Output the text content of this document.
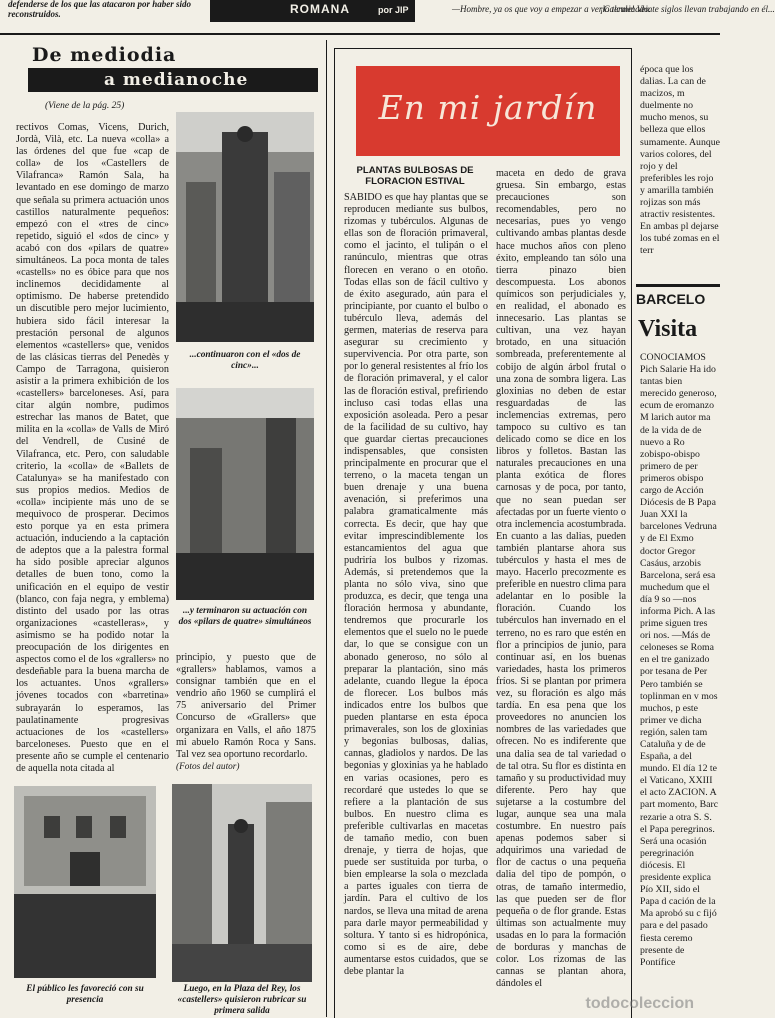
defenderse de los que las atacaron por haber sido reconstruidos.	ROMANA	por JIP	—Hombre, ya os que voy a empezar a verlo terminado.
¡Calcule! Veinte siglos llevan trabajando en él...
De mediodia
a medianoche
(Viene de la pág. 25)

rectivos Comas, Vicens, Durich, Jordà, Vilà, etc. La nueva «colla» a las órdenes del que fue «cap de colla» de los «Castellers de Vilafranca» Ramón Sala, ha levantado en ese domingo de marzo que señala su primera actuación unos castillos naturalmente pequeños: empezó con el «tres de cinc» repetido, siguió el «dos de cinc» y acabó con dos «pilars de quatre» simultáneos. La poca monta de tales «castells» no es óbice para que nos inclinemos decididamente al optimismo. De haberse pretendido un discutible pero mejor lucimiento, hubiera sido fácil interesar la prestación personal de algunos elementos «castellers» que, venidos de las clásicas tierras del Penedès y Campo de Tarragona, quisieron asistir a la primera exhibición de los «castellers» barceloneses. Así, para citar algún nombre, pudimos estrechar las manos de Batet, que milita en la «colla» de Valls de Miró del Vendrell, de Cusiné de Vilafranca, etc. Pero, con saludable criterio, la «colla» de «Ballets de Catalunya» se ha manifestado con sus propios medios. Medios de «colla» incipiente más uno de se mequivoco de prosperar. Decimos esto porque ya en esta primera actuación, induciendo a la captación de adeptos que a la palestra formal ha sido posible apreciar algunos detalles de buen tono, como la unificación en el equipo de vestir (blanco, con faja negra, y emblema) distinto del usado por las otras organizaciones «castelleras», y asimismo se ha podido notar la preocupación de los dirigentes en aspectos como el de los «grallers» no desdeñable para la buena marcha de los actuantes. Unos «grallers» jóvenes tocados con «barretina» subrayarán lo esperamos, las paulatinamente progresivas actuaciones de los «castellers» barceloneses. Puesto que en el presente año se cumple el centenario de aquella nota citada al

...continuaron con el «dos de cinc»...
...y terminaron su actuación con dos «pilars de quatre» simultáneos

principio, y puesto que de «grallers» hablamos, vamos a consignar también que en el vendrio año 1960 se cumplirá el 75 aniversario del Primer Concurso de «Grallers» que organizara en Valls, el año 1875 mi abuelo Ramón Roca y Sans. Tal vez sea oportuno recordarlo.

(Fotos del autor)
El público les favoreció con su presencia
Luego, en la Plaza del Rey, los «castellers» quisieron rubricar su primera salida
En mi jardín
PLANTAS BULBOSAS DE FLORACION ESTIVAL

SABIDO es que hay plantas que se reproducen mediante sus bulbos, rizomas y tubérculos. Algunas de ellas son de floración primaveral, como el jacinto, el tulipán o el ranúnculo, mientras que otras florecen en verano o en otoño. Todas ellas son de fácil cultivo y de éxito asegurado, aún para el principiante, por cuanto el bulbo o tubérculo lleva, además del germen, materias de reserva para asegurar su crecimiento y supervivencia. Por otra parte, son por lo general resistentes al frío los de floración primaveral, y el calor las de floración estival, prefiriendo incluso casi todas ellas una exposición asoleada. Pero a pesar de la facilidad de su cultivo, hay que guardar ciertas precauciones indispensables, que consisten principalmente en procurar que el terreno, o la maceta tengan un buen drenaje y una buena avenación, si preferimos una palabra gramaticalmente más correcta. Es decir, que hay que evitar imprescindiblemente los estancamientos del agua que pudriría los bulbos y rizomas. Además, si pretendemos que la planta no sólo viva, sino que produzca, es decir, que tenga una floración hermosa y abundante, tendremos que procurarle los elementos que el suelo no le puede dar, lo que se consigue con un abonado generoso, no sólo al preparar la plantación, sino más adelante, cuando llegue la época de florecer. Los bulbos más indicados entre los bulbos que pueden plantarse en esta época primaverales, son los de gloxinias y begonias bulbosas, dalias, cannas, gladiolos y nardos. De las begonias y gloxinias ya he hablado en varias ocasiones, pero es recordaré que ustedes lo que se refiere a la plantación de sus bulbos. En nuestro clima es preferible cultivarlas en macetas de tamaño medio, con buen drenaje, y tierra de hojas, que puede ser sustituida por turba, o bien emplearse la sola o mezclada a partes iguales con tierra de jardín. Para el cultivo de los nardos, se lleva una mitad de arena para darle mayor permeabilidad y soltura. Y tanto si es hidropónica, como si es de aire, debe aumentarse estos cuidados, que se debe plantar la

maceta en dedo de grava gruesa. Sin embargo, estas precauciones son recomendables, pero no necesarias, pues yo vengo cultivando ambas plantas desde hace muchos años con pleno éxito, empleando tan sólo una tierra pinazo bien descompuesta. Los abonos químicos son perjudiciales y, en realidad, el abonado es innecesario. Las plantas se cultivan, una vez hayan brotado, en una situación sombreada, preferentemente al cobijo de algún árbol frutal o una zona de sombra ligera. Las gloxinias no deben de estar resguardadas de las inclemencias extremas, pero tampoco su cultivo es tan delicado como se dice en los libros y folletos. Bastan las naturales precauciones en una planta exótica de flores carnosas y de poca, por tanto, que no sean puedan ser afectadas por un fuerte viento o otra inclemencia acostumbrada. En cuanto a las dalias, pueden también plantarse ahora sus tubérculos y hasta el mes de mayo. Hacerlo precozmente es preferible en nuestro clima para adelantar en lo posible la floración. Cuando los tubérculos han invernado en el terreno, no es raro que estén en flor a principios de junio, para continuar así, en los buenas variedades, hasta los primeros fríos. Si se plantan por primera vez, su floración es algo más tardía. En esa pena que los proveedores no anuncien los nombres de las variedades que ofrecen. No es indiferente que una dalia sea de tal variedad o de tal otra. Su flor es distinta en tamaño y su productividad muy diferente. Pero hay que sujetarse a la costumbre del lugar, aunque sea una mala costumbre. En nuestro país apenas podemos saber si adquirimos una variedad de flor de cactus o una pequeña dalia del tipo de pompón, o otras, de tamaño intermedio, las que pueden ser de flor pequeña o de flor grande. Estas últimas son actualmente muy usadas en lo para la formación de borduras y manchas de color. Los rizomas de las cannas se plantan ahora, dándoles el

época que los dalias. La can de macizos, m duelmente no mucho menos, su belleza que ellos sumamente. Aunque varios colores, del rojo y del preferibles les rojo y amarilla también rojizas son más atractiv resistentes. En ambas pl dejarse los tubé zomas en el terr

BARCELO
Visita

CONOCIAMOS Pich Salarie Ha ido tantas bien merecido generoso, ecum de eromanzo M larich autor ma de la vida de de nuevo a Ro zobispo-obispo primero de per primeros obispo cargo de Acción Diócesis de B Papa Juan XXI la barcelones Vedruna y de El Exmo doctor Gregor Casáus, arzobis Barcelona, será esa muchedum que el día 9 so —nos informa Pich. A las prime siguen tres ori nos. —Más de celoneses se Roma en el tre ganizado por tesana de Per Pero también se toplinman en v mos muchos, p este primer ve dicha región, salen tam Cataluña y de de España, a del mundo. El día 12 te el Vaticano, XXIII el acto ZACION. A part momento, Barc rezarie a otra S. S. el Papa peregrinos. Será una ocasión peregrinación diócesis. El presidente explica Pío XII, sido el Papa d cación de la Ma aprobó su c fijó para e del pasado fiesta ceremo presente de Pontífice

todocoleccion
